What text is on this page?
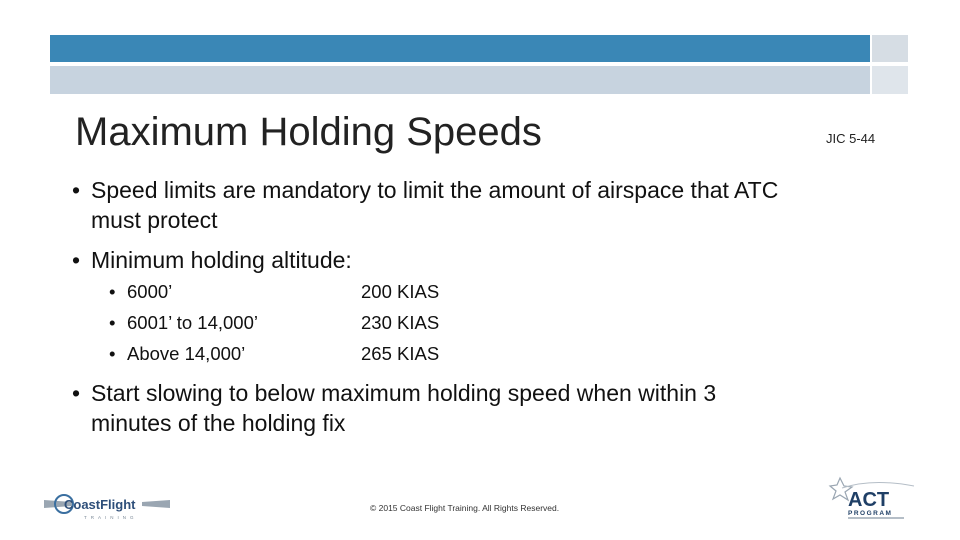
Maximum Holding Speeds	JIC 5-44
• Speed limits are mandatory to limit the amount of airspace that ATC
must protect
• Minimum holding altitude:
• 6000’	200 KIAS
• 6001’ to 14,000’	230 KIAS
• Above 14,000’	265 KIAS
• Start slowing to below maximum holding speed when within 3
minutes of the holding fix
CoastFlight
TRAINING
© 2015 Coast Flight Training. All Rights Reserved.	ACT
PROGRAM
